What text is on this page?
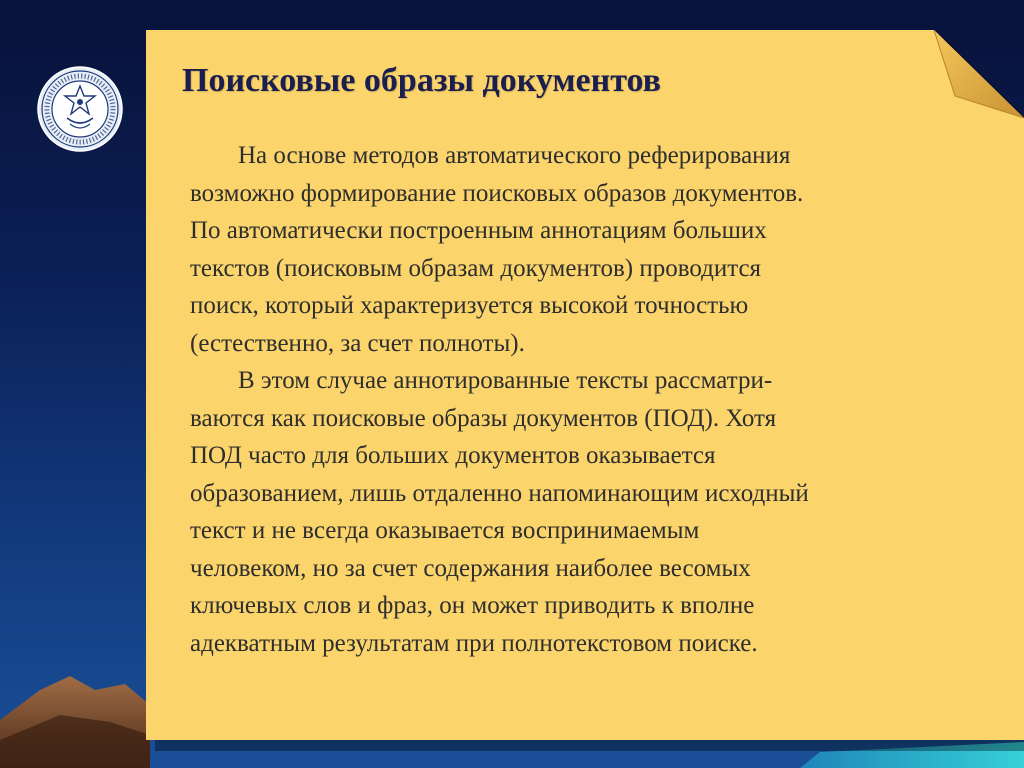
Поисковые образы документов
На основе методов автоматического реферирования
возможно формирование поисковых образов документов.
По автоматически построенным аннотациям больших
текстов (поисковым образам документов) проводится
поиск, который характеризуется высокой точностью
(естественно, за счет полноты).
В этом случае аннотированные тексты рассматри-
ваются как поисковые образы документов (ПОД). Хотя
ПОД часто для больших документов оказывается
образованием, лишь отдаленно напоминающим исходный
текст и не всегда оказывается воспринимаемым
человеком, но за счет содержания наиболее весомых
ключевых слов и фраз, он может приводить к вполне
адекватным результатам при полнотекстовом поиске.
